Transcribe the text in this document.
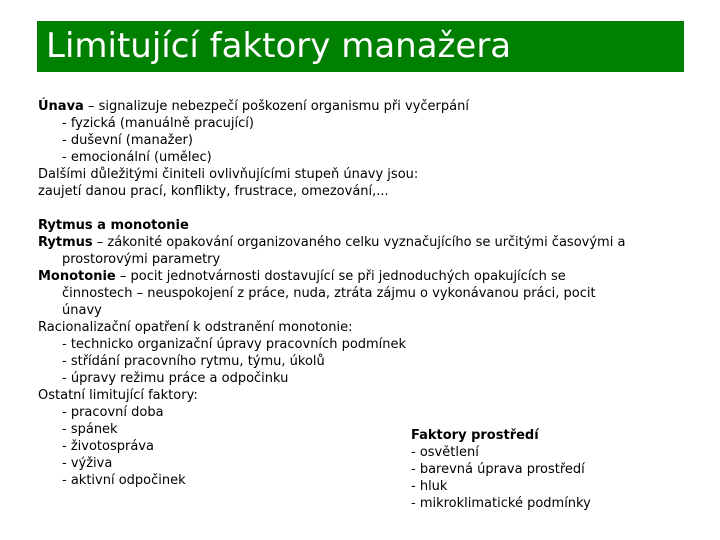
Limitující faktory manažera
Únava – signalizuje nebezpečí poškození organismu při vyčerpání
- fyzická (manuálně pracující)
- duševní (manažer)
- emocionální (umělec)
Dalšími důležitými činiteli ovlivňujícími stupeň únavy jsou:
zaujetí danou prací, konflikty, frustrace, omezování,...
Rytmus a monotonie
Rytmus – zákonité opakování organizovaného celku vyznačujícího se určitými časovými a
prostorovými parametry
Monotonie – pocit jednotvárnosti dostavující se při jednoduchých opakujících se
činnostech – neuspokojení z práce, nuda, ztráta zájmu o vykonávanou práci, pocit
únavy
Racionalizační opatření k odstranění monotonie:
- technicko organizační úpravy pracovních podmínek
- střídání pracovního rytmu, týmu, úkolů
- úpravy režimu práce a odpočinku
Ostatní limitující faktory:
- pracovní doba
- spánek
- životospráva
- výživa
- aktivní odpočinek
Faktory prostředí
- osvětlení
- barevná úprava prostředí
- hluk
- mikroklimatické podmínky
